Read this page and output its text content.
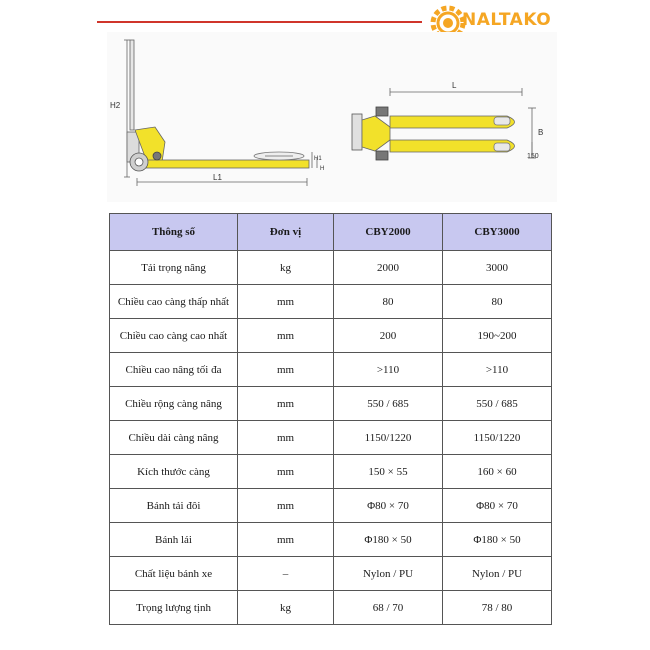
NALTAKO
H2
L1
H1
H
L
B
150
Thông số	Đơn vị	CBY2000	CBY3000
Tải trọng nâng	kg	2000	3000
Chiều cao càng thấp nhất	mm	80	80
Chiều cao càng cao nhất	mm	200	190~200
Chiều cao nâng tối đa	mm	>110	>110
Chiều rộng càng nâng	mm	550 / 685	550 / 685
Chiều dài càng nâng	mm	1150/1220	1150/1220
Kích thước càng	mm	150 × 55	160 × 60
Bánh tải đôi	mm	Φ80 × 70	Φ80 × 70
Bánh lái	mm	Φ180 × 50	Φ180 × 50
Chất liệu bánh xe	–	Nylon / PU	Nylon / PU
Trọng lượng tịnh	kg	68 / 70	78 / 80
